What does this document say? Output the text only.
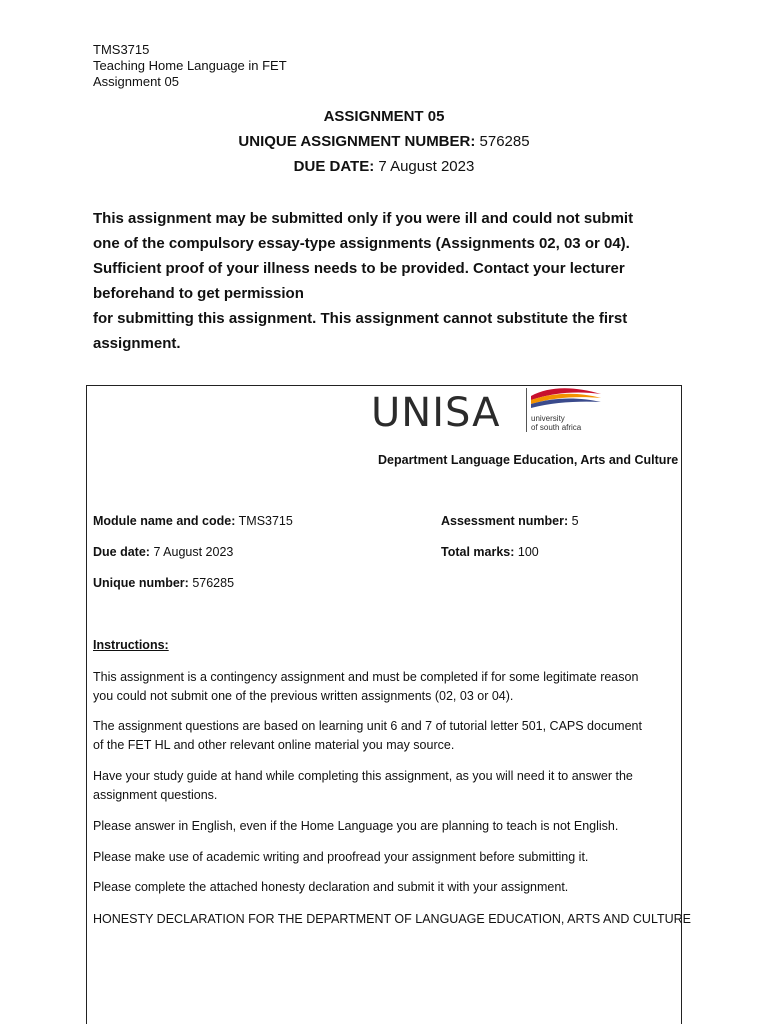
TMS3715
Teaching Home Language in FET
Assignment 05
ASSIGNMENT 05
UNIQUE ASSIGNMENT NUMBER: 576285
DUE DATE: 7 August 2023
This assignment may be submitted only if you were ill and could not submit
one of the compulsory essay-type assignments (Assignments 02, 03 or 04).
Sufficient proof of your illness needs to be provided. Contact your lecturer
beforehand to get permission
for submitting this assignment. This assignment cannot substitute the first
assignment.
UNISA	university
of south africa
Department Language Education, Arts and Culture
Module name and code: TMS3715	Assessment number: 5
Due date: 7 August 2023	Total marks: 100
Unique number: 576285
Instructions:
This assignment is a contingency assignment and must be completed if for some legitimate reason
you could not submit one of the previous written assignments (02, 03 or 04).
The assignment questions are based on learning unit 6 and 7 of tutorial letter 501, CAPS document
of the FET HL and other relevant online material you may source.
Have your study guide at hand while completing this assignment, as you will need it to answer the
assignment questions.
Please answer in English, even if the Home Language you are planning to teach is not English.
Please make use of academic writing and proofread your assignment before submitting it.
Please complete the attached honesty declaration and submit it with your assignment.
HONESTY DECLARATION FOR THE DEPARTMENT OF LANGUAGE EDUCATION, ARTS AND CULTURE
